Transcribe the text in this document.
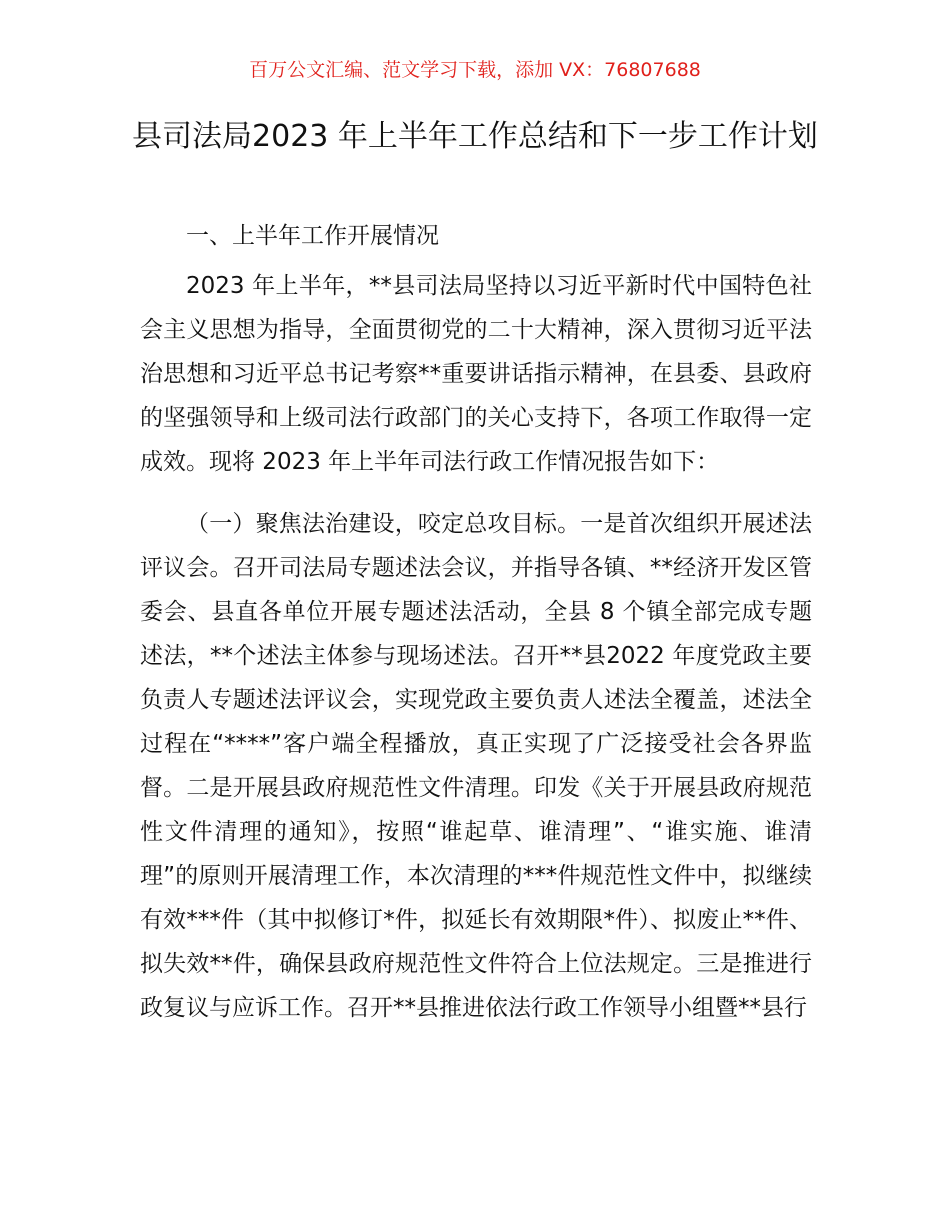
百万公文汇编、范文学习下载，添加 VX：76807688

县司法局2023 年上半年工作总结和下一步工作计划

一、上半年工作开展情况

2023 年上半年，**县司法局坚持以习近平新时代中国特色社会主义思想为指导，全面贯彻党的二十大精神，深入贯彻习近平法治思想和习近平总书记考察**重要讲话指示精神，在县委、县政府的坚强领导和上级司法行政部门的关心支持下，各项工作取得一定成效。现将 2023 年上半年司法行政工作情况报告如下：

（一）聚焦法治建设，咬定总攻目标。一是首次组织开展述法评议会。召开司法局专题述法会议，并指导各镇、**经济开发区管委会、县直各单位开展专题述法活动，全县 8 个镇全部完成专题述法，**个述法主体参与现场述法。召开**县2022 年度党政主要负责人专题述法评议会，实现党政主要负责人述法全覆盖，述法全过程在“****”客户端全程播放，真正实现了广泛接受社会各界监督。二是开展县政府规范性文件清理。印发《关于开展县政府规范性文件清理的通知》，按照“谁起草、谁清理”、“谁实施、谁清理”的原则开展清理工作，本次清理的***件规范性文件中，拟继续有效***件（其中拟修订*件，拟延长有效期限*件）、拟废止**件、拟失效**件，确保县政府规范性文件符合上位法规定。三是推进行政复议与应诉工作。召开**县推进依法行政工作领导小组暨**县行
